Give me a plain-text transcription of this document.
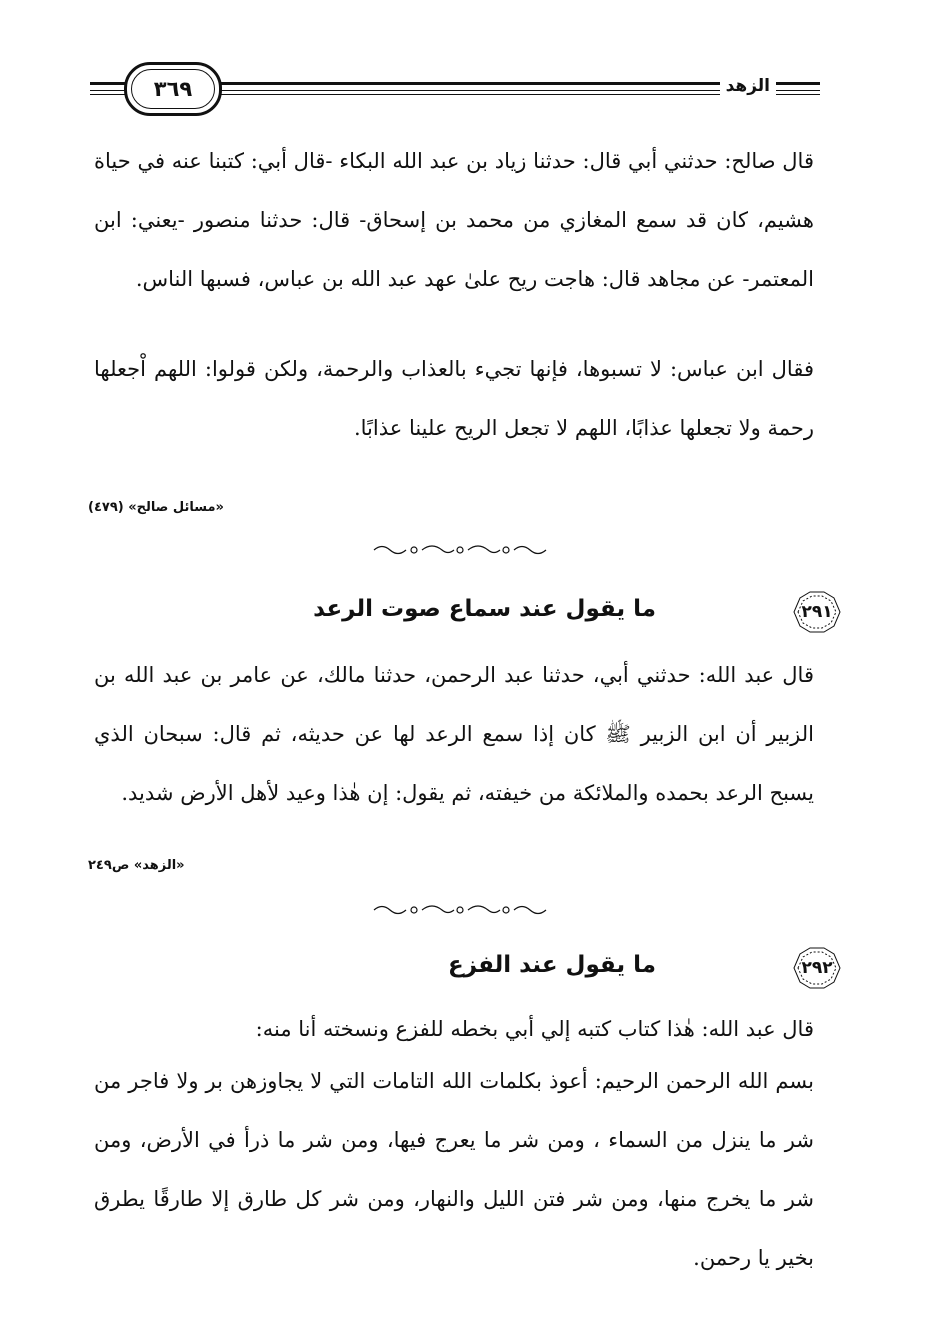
٣٦٩	الزهد

قال صالح: حدثني أبي قال: حدثنا زياد بن عبد الله البكاء -قال أبي: كتبنا عنه في حياة هشيم، كان قد سمع المغازي من محمد بن إسحاق- قال: حدثنا منصور -يعني: ابن المعتمر- عن مجاهد قال: هاجت ريح علىٰ عهد عبد الله بن عباس، فسبها الناس.

فقال ابن عباس: لا تسبوها، فإنها تجيء بالعذاب والرحمة، ولكن قولوا: اللهم اْجعلها رحمة ولا تجعلها عذابًا، اللهم لا تجعل الريح علينا عذابًا.

«مسائل صالح» (٤٧٩)
٢٩١
ما يقول عند سماع صوت الرعد

قال عبد الله: حدثني أبي، حدثنا عبد الرحمن، حدثنا مالك، عن عامر بن عبد الله بن الزبير أن ابن الزبير ﷺ كان إذا سمع الرعد لها عن حديثه، ثم قال: سبحان الذي يسبح الرعد بحمده والملائكة من خيفته، ثم يقول: إن هٰذا وعيد لأهل الأرض شديد.

«الزهد» ص٢٤٩
٢٩٢
ما يقول عند الفزع

قال عبد الله: هٰذا كتاب كتبه إلي أبي بخطه للفزع ونسخته أنا منه:

بسم الله الرحمن الرحيم: أعوذ بكلمات الله التامات التي لا يجاوزهن بر ولا فاجر من شر ما ينزل من السماء ، ومن شر ما يعرج فيها، ومن شر ما ذرأ في الأرض، ومن شر ما يخرج منها، ومن شر فتن الليل والنهار، ومن شر كل طارق إلا طارقًا يطرق بخير يا رحمن.
